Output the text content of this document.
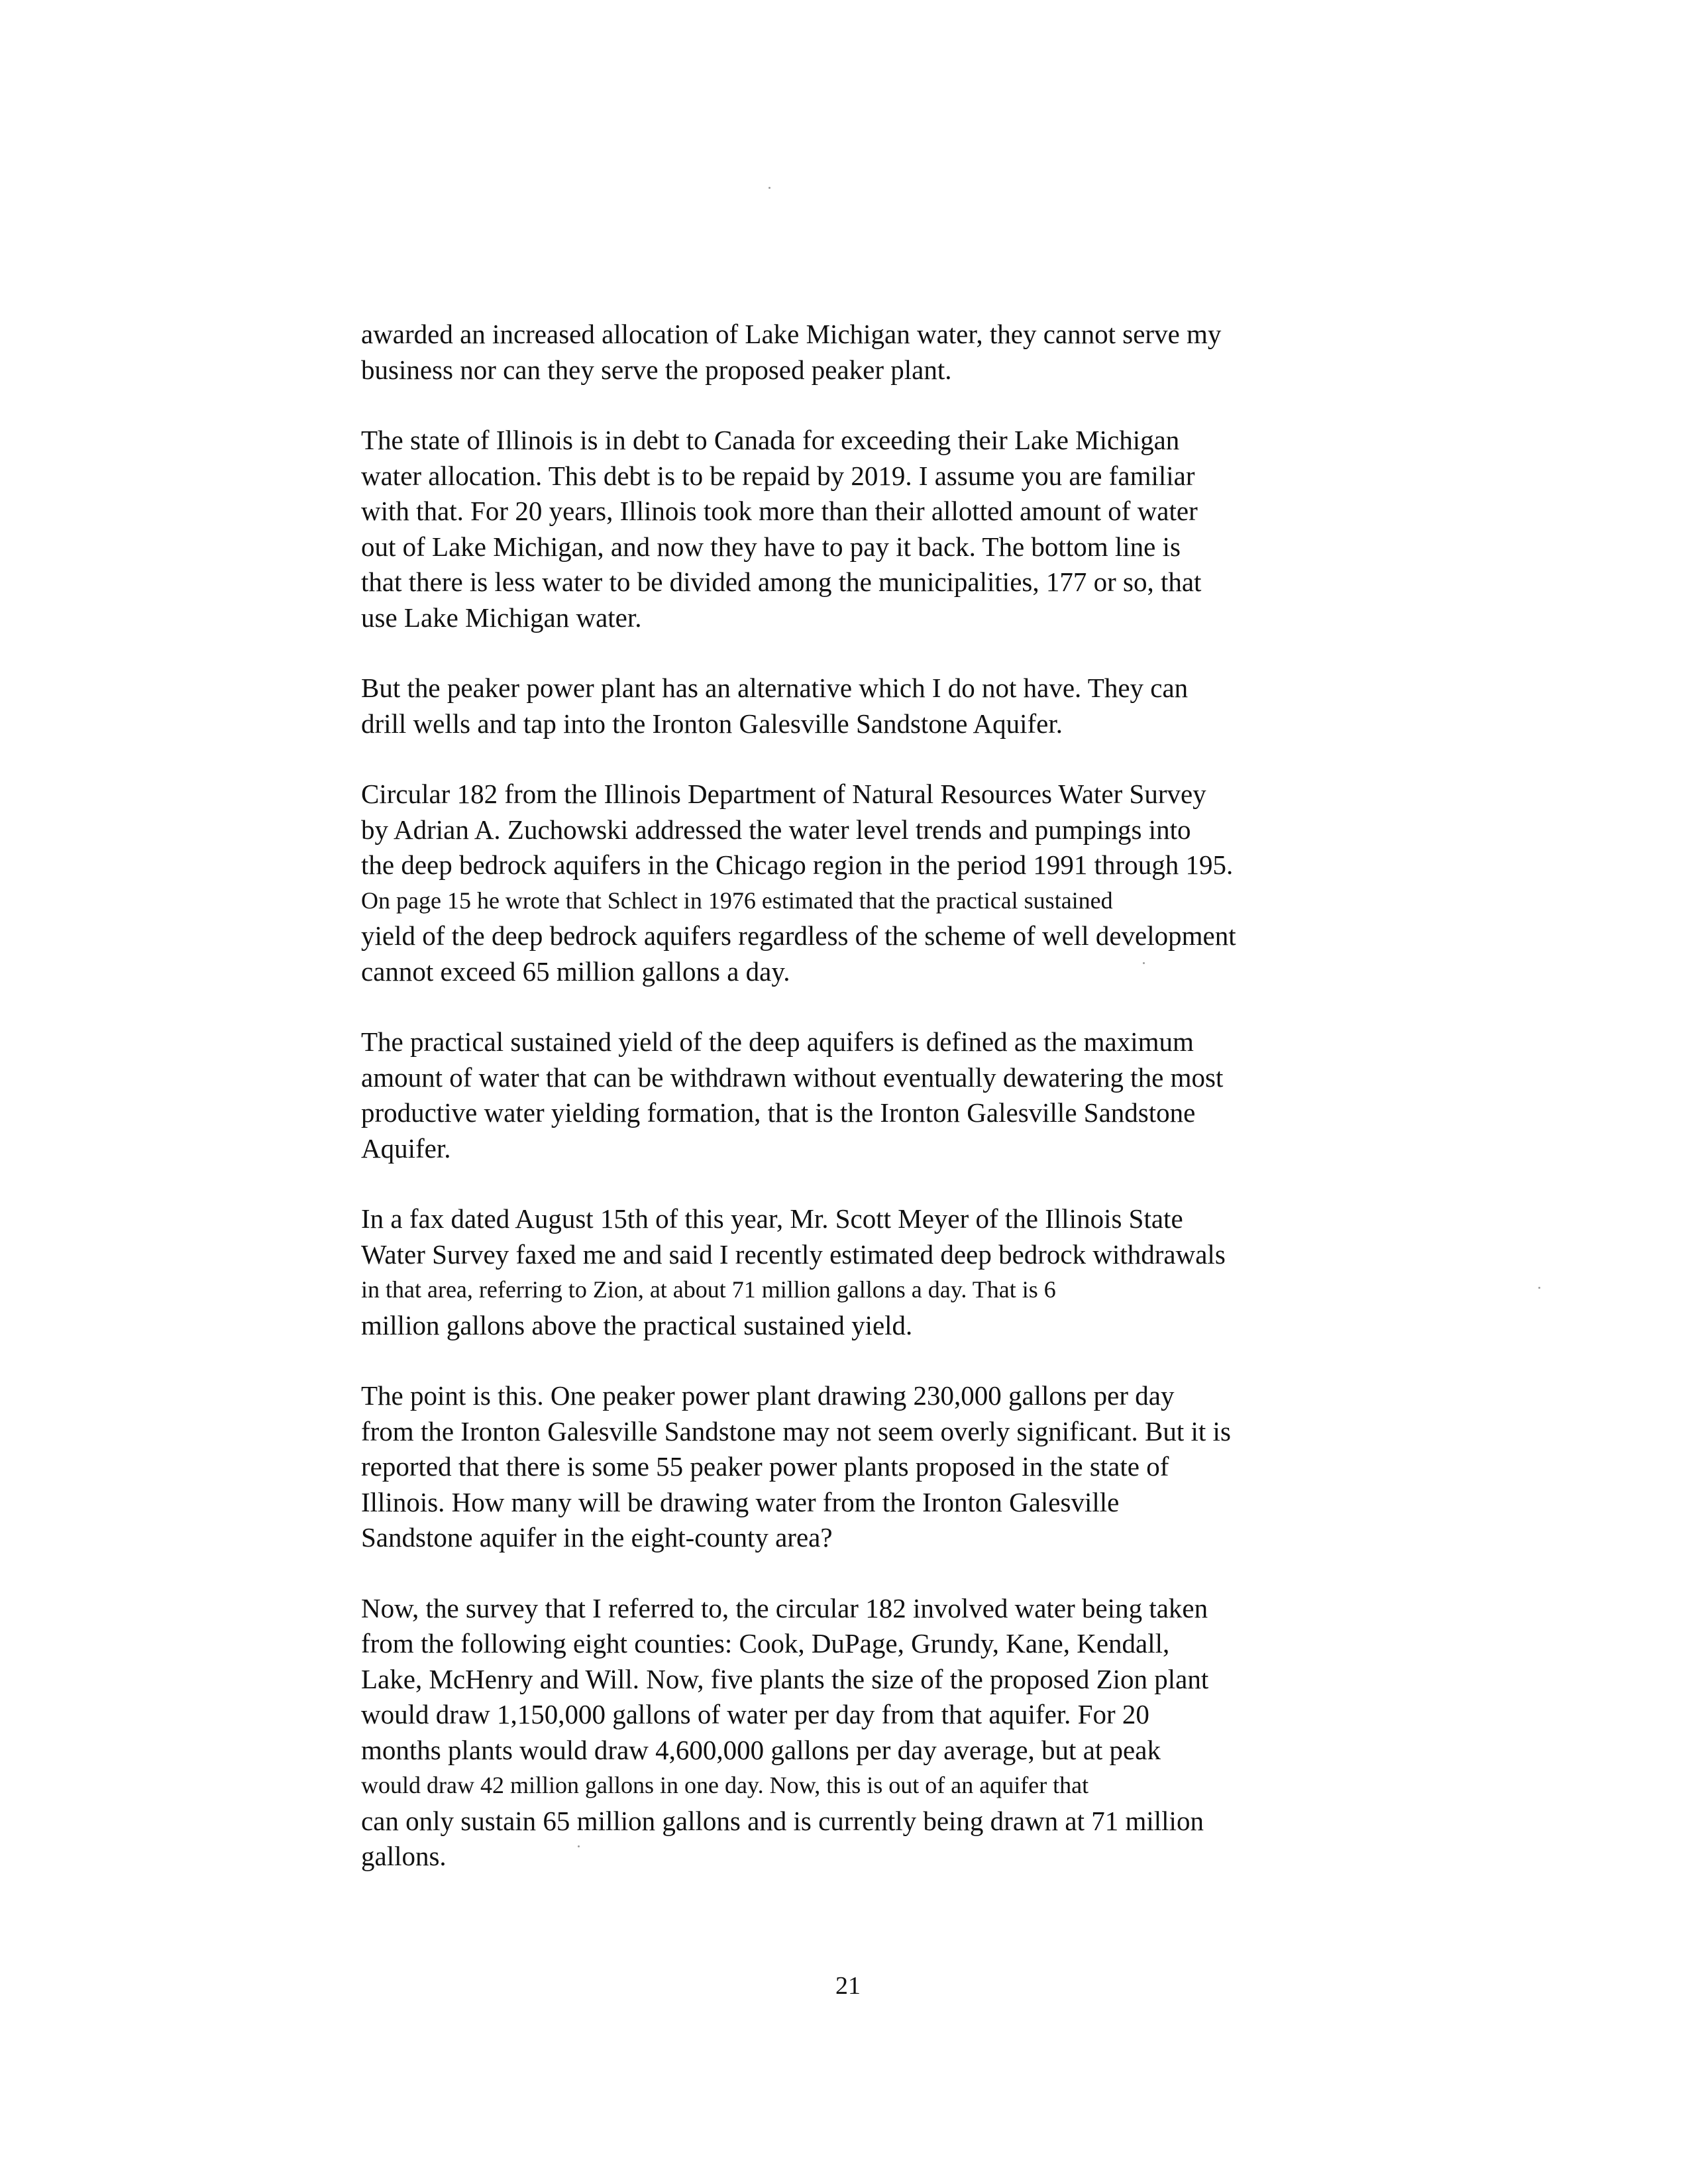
awarded an increased allocation of Lake Michigan water, they cannot serve my
business nor can they serve the proposed peaker plant.

The state of Illinois is in debt to Canada for exceeding their Lake Michigan
water allocation. This debt is to be repaid by 2019. I assume you are familiar
with that. For 20 years, Illinois took more than their allotted amount of water
out of Lake Michigan, and now they have to pay it back. The bottom line is
that there is less water to be divided among the municipalities, 177 or so, that
use Lake Michigan water.

But the peaker power plant has an alternative which I do not have. They can
drill wells and tap into the Ironton Galesville Sandstone Aquifer.

Circular 182 from the Illinois Department of Natural Resources Water Survey
by Adrian A. Zuchowski addressed the water level trends and pumpings into
the deep bedrock aquifers in the Chicago region in the period 1991 through 195.
On page 15 he wrote that Schlect in 1976 estimated that the practical sustained
yield of the deep bedrock aquifers regardless of the scheme of well development
cannot exceed 65 million gallons a day.

The practical sustained yield of the deep aquifers is defined as the maximum
amount of water that can be withdrawn without eventually dewatering the most
productive water yielding formation, that is the Ironton Galesville Sandstone
Aquifer.

In a fax dated August 15th of this year, Mr. Scott Meyer of the Illinois State
Water Survey faxed me and said I recently estimated deep bedrock withdrawals
in that area, referring to Zion, at about 71 million gallons a day. That is 6
million gallons above the practical sustained yield.

The point is this. One peaker power plant drawing 230,000 gallons per day
from the Ironton Galesville Sandstone may not seem overly significant. But it is
reported that there is some 55 peaker power plants proposed in the state of
Illinois. How many will be drawing water from the Ironton Galesville
Sandstone aquifer in the eight-county area?

Now, the survey that I referred to, the circular 182 involved water being taken
from the following eight counties: Cook, DuPage, Grundy, Kane, Kendall,
Lake, McHenry and Will. Now, five plants the size of the proposed Zion plant
would draw 1,150,000 gallons of water per day from that aquifer. For 20
months plants would draw 4,600,000 gallons per day average, but at peak
would draw 42 million gallons in one day. Now, this is out of an aquifer that
can only sustain 65 million gallons and is currently being drawn at 71 million
gallons.

21
